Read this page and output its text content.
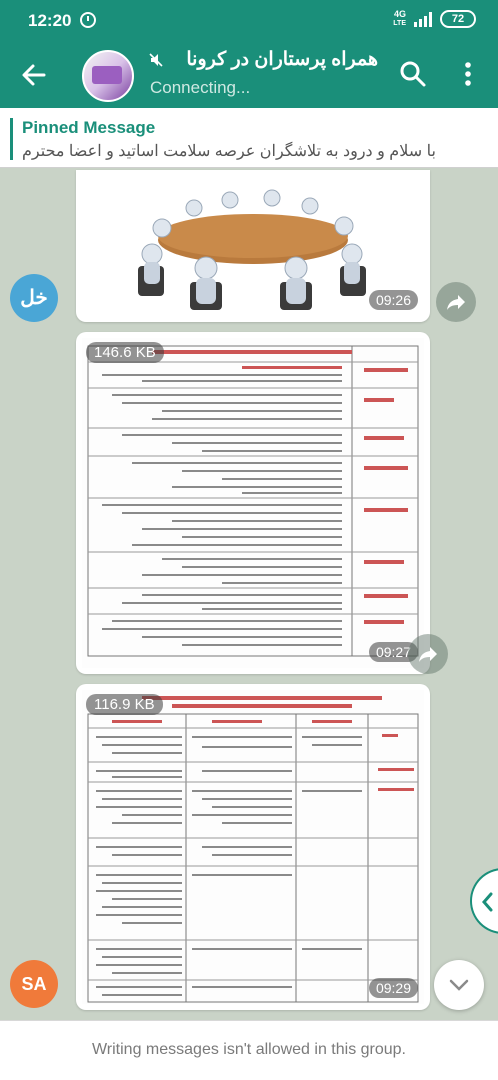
12:20	4G
LTE	72
همراه پرستاران در کرونا
Connecting...
Pinned Message
با سلام و درود به تلاشگران عرصه سلامت اساتید و اعضا محترم
09:26
خل
146.6 KB
09:27
116.9 KB
09:29
SA
Writing messages isn't allowed in this group.
